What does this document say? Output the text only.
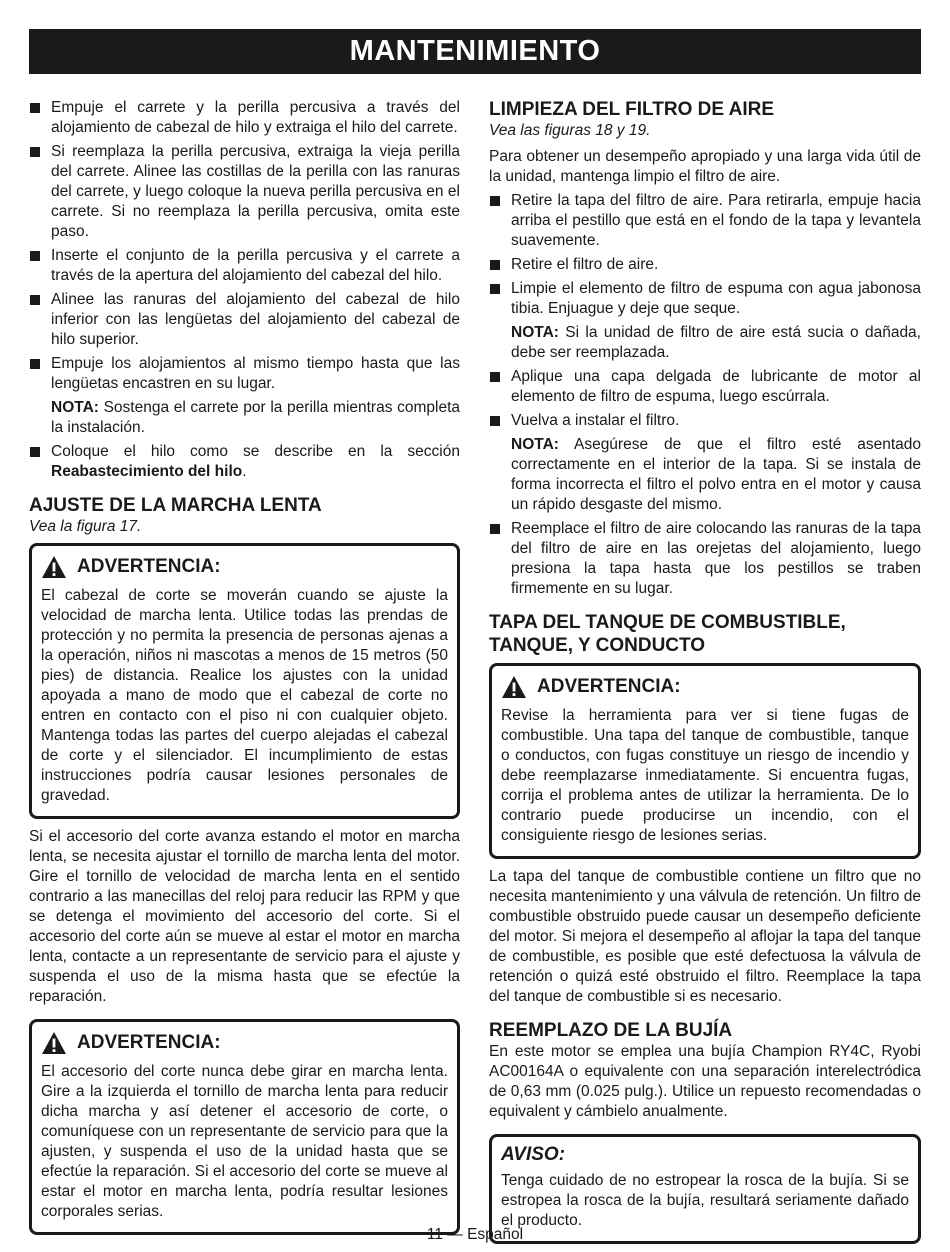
MANTENIMIENTO
Empuje el carrete y la perilla percusiva a través del alojamiento de cabezal de hilo y extraiga el hilo del carrete.
Si reemplaza la perilla percusiva, extraiga la vieja perilla del carrete. Alinee las costillas de la perilla con las ranuras del carrete, y luego coloque la nueva perilla percusiva en el carrete. Si no reemplaza la perilla percusiva, omita este paso.
Inserte el conjunto de la perilla percusiva y el carrete a través de la apertura del alojamiento del cabezal del hilo.
Alinee las ranuras del alojamiento del cabezal de hilo inferior con las lengüetas del alojamiento del cabezal de hilo superior.
Empuje los alojamientos al mismo tiempo hasta que las lengüetas encastren en su lugar.

NOTA: Sostenga el carrete por la perilla mientras completa la instalación.

Coloque el hilo como se describe en la sección Reabastecimiento del hilo.
AJUSTE DE LA MARCHA LENTA
Vea la figura 17.
ADVERTENCIA:

El cabezal de corte se moverán cuando se ajuste la velocidad de marcha lenta. Utilice todas las prendas de protección y no permita la presencia de personas ajenas a la operación, niños ni mascotas a menos de 15 metros (50 pies) de distancia. Realice los ajustes con la unidad apoyada a mano de modo que el cabezal de corte no entren en contacto con el piso ni con cualquier objeto. Mantenga todas las partes del cuerpo alejadas el cabezal de corte y el silenciador. El incumplimiento de estas instrucciones podría causar lesiones personales de gravedad.

Si el accesorio del corte avanza estando el motor en marcha lenta, se necesita ajustar el tornillo de marcha lenta del motor. Gire el tornillo de velocidad de marcha lenta en el sentido contrario a las manecillas del reloj para reducir las RPM y que se detenga el movimiento del accesorio del corte. Si el accesorio del corte aún se mueve al estar el motor en marcha lenta, contacte a un representante de servicio para el ajuste y suspenda el uso de la misma hasta que se efectúe la reparación.

ADVERTENCIA:

El accesorio del corte nunca debe girar en marcha lenta. Gire a la izquierda el tornillo de marcha lenta para reducir dicha marcha y así detener el accesorio de corte, o comuníquese con un representante de servicio para que la ajusten, y suspenda el uso de la unidad hasta que se efectúe la reparación. Si el accesorio del corte se mueve al estar el motor en marcha lenta, podría resultar lesiones corporales serias.

LIMPIEZA DEL FILTRO DE AIRE
Vea las figuras 18 y 19.

Para obtener un desempeño apropiado y una larga vida útil de la unidad, mantenga limpio el filtro de aire.

Retire la tapa del filtro de aire. Para retirarla, empuje hacia arriba el pestillo que está en el fondo de la tapa y levantela suavemente.
Retire el filtro de aire.
Limpie el elemento de filtro de espuma con agua jabonosa tibia. Enjuague y deje que seque.

NOTA: Si la unidad de filtro de aire está sucia o dañada, debe ser reemplazada.

Aplique una capa delgada de lubricante de motor al elemento de filtro de espuma, luego escúrrala.
Vuelva a instalar el filtro.

NOTA: Asegúrese de que el filtro esté asentado correctamente en el interior de la tapa. Si se instala de forma incorrecta el filtro el polvo entra en el motor y causa un rápido desgaste del mismo.

Reemplace el filtro de aire colocando las ranuras de la tapa del filtro de aire en las orejetas del alojamiento, luego presiona la tapa hasta que los pestillos se traben firmemente en su lugar.
TAPA DEL TANQUE DE COMBUSTIBLE,
TANQUE, Y CONDUCTO
ADVERTENCIA:

Revise la herramienta para ver si tiene fugas de combustible. Una tapa del tanque de combustible, tanque o conductos, con fugas constituye un riesgo de incendio y debe reemplazarse inmediatamente. Si encuentra fugas, corrija el problema antes de utilizar la herramienta. De lo contrario puede producirse un incendio, con el consiguiente riesgo de lesiones serias.

La tapa del tanque de combustible contiene un filtro que no necesita mantenimiento y una válvula de retención. Un filtro de combustible obstruido puede causar un desempeño deficiente del motor. Si mejora el desempeño al aflojar la tapa del tanque de combustible, es posible que esté defectuosa la válvula de retención o quizá esté obstruido el filtro. Reemplace la tapa del tanque de combustible si es necesario.

REEMPLAZO DE LA BUJÍA

En este motor se emplea una bujía Champion RY4C, Ryobi AC00164A o equivalente con una separación interelectródica de 0,63 mm (0.025 pulg.). Utilice un repuesto recomendadas o equivalent y cámbielo anualmente.

AVISO:

Tenga cuidado de no estropear la rosca de la bujía. Si se estropea la rosca de la bujía, resultará seriamente dañado el producto.

11 — Español
